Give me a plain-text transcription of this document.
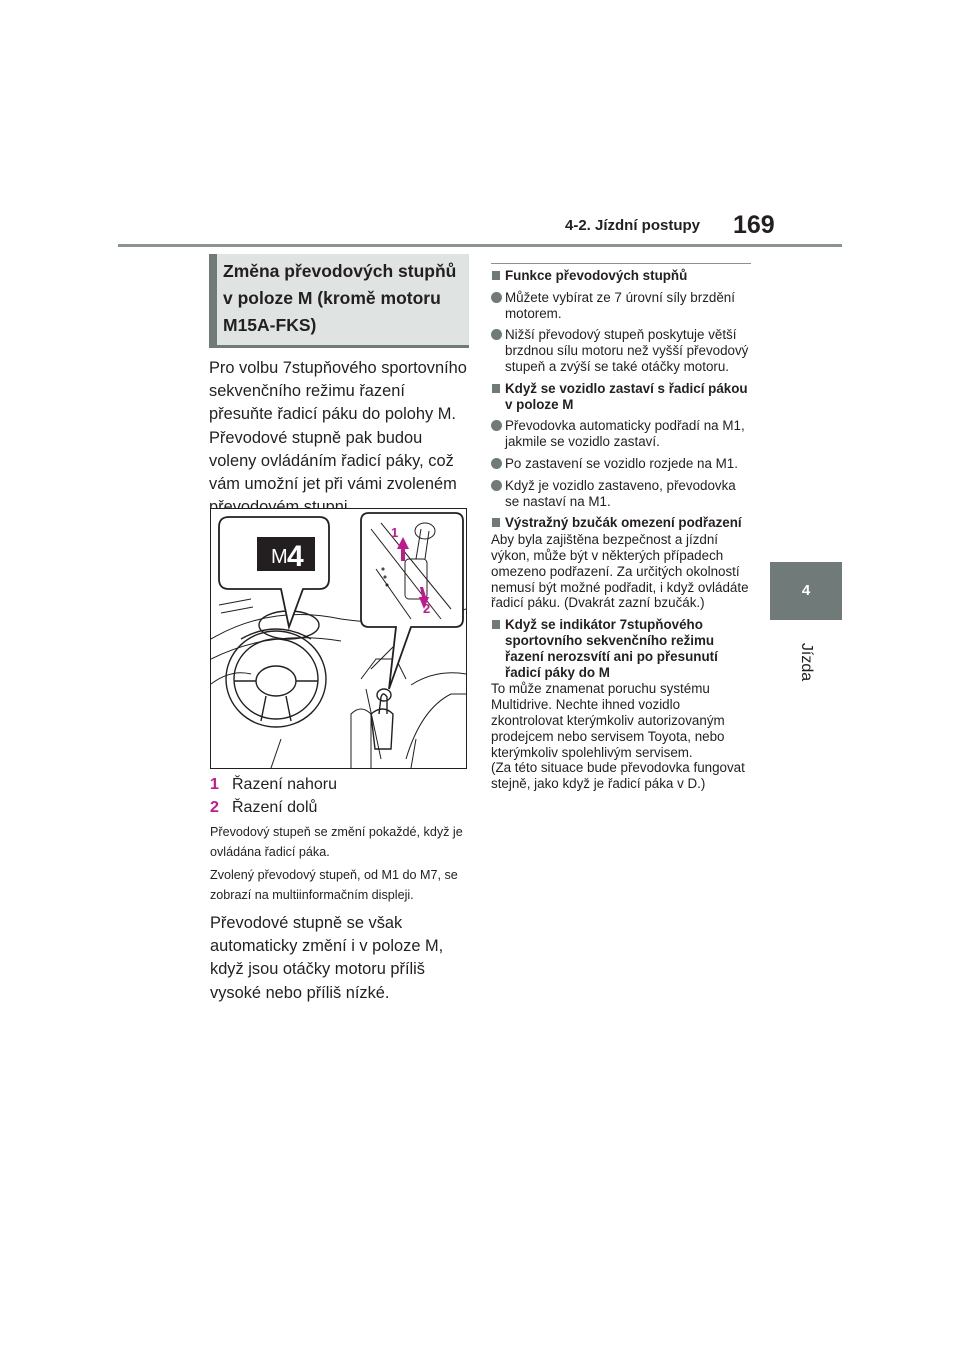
4-2. Jízdní postupy 169
4
Jízda
Změna převodových stupňů v poloze M (kromě motoru M15A-FKS)
Pro volbu 7stupňového sportovního sekvenčního režimu řazení přesuňte řadicí páku do polohy M. Převodové stupně pak budou voleny ovládáním řadicí páky, což vám umožní jet při vámi zvoleném
M 4
1
2
1 Řazení nahoru
2 Řazení dolů
Převodový stupeň se změní pokaždé, když je ovládána řadicí páka.
Zvolený převodový stupeň, od M1 do M7, se zobrazí na multiinformačním displeji.
Převodové stupně se však automaticky změní i v poloze M, když jsou otáčky motoru příliš vysoké nebo příliš nízké.
Funkce převodových stupňů
Můžete vybírat ze 7 úrovní síly brzdění motorem.
Nižší převodový stupeň poskytuje větší brzdnou sílu motoru než vyšší převodový stupeň a zvýší se také otáčky motoru.
Když se vozidlo zastaví s řadicí pákou v poloze M
Převodovka automaticky podřadí na M1, jakmile se vozidlo zastaví.
Po zastavení se vozidlo rozjede na M1.
Když je vozidlo zastaveno, převodovka se nastaví na M1.
Výstražný bzučák omezení podřazení
Aby byla zajištěna bezpečnost a jízdní výkon, může být v některých případech omezeno podřazení. Za určitých okolností nemusí být možné podřadit, i když ovládáte řadicí páku. (Dvakrát zazní bzučák.)
Když se indikátor 7stupňového sportovního sekvenčního režimu řazení nerozsvítí ani po přesunutí řadicí páky do M
To může znamenat poruchu systému Multidrive. Nechte ihned vozidlo zkontrolovat kterýmkoliv autorizovaným prodejcem nebo servisem Toyota, nebo kterýmkoliv spolehlivým servisem.
(Za této situace bude převodovka fungovat stejně, jako když je řadicí páka v D.)
